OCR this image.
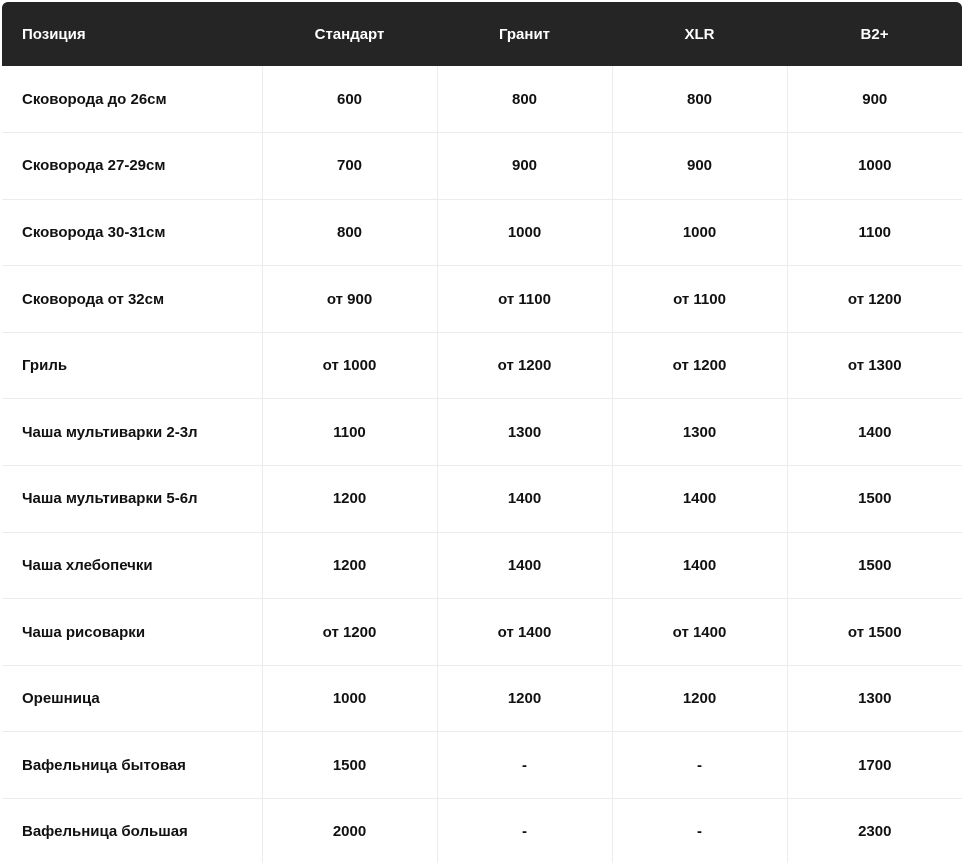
Позиция	Стандарт	Гранит	XLR	B2+
Сковорода до 26см	600	800	800	900
Сковорода 27-29см	700	900	900	1000
Сковорода 30-31см	800	1000	1000	1100
Сковорода от 32см	от 900	от 1100	от 1100	от 1200
Гриль	от 1000	от 1200	от 1200	от 1300
Чаша мультиварки 2-3л	1100	1300	1300	1400
Чаша мультиварки 5-6л	1200	1400	1400	1500
Чаша хлебопечки	1200	1400	1400	1500
Чаша рисоварки	от 1200	от 1400	от 1400	от 1500
Орешница	1000	1200	1200	1300
Вафельница бытовая	1500	-	-	1700
Вафельница большая	2000	-	-	2300
